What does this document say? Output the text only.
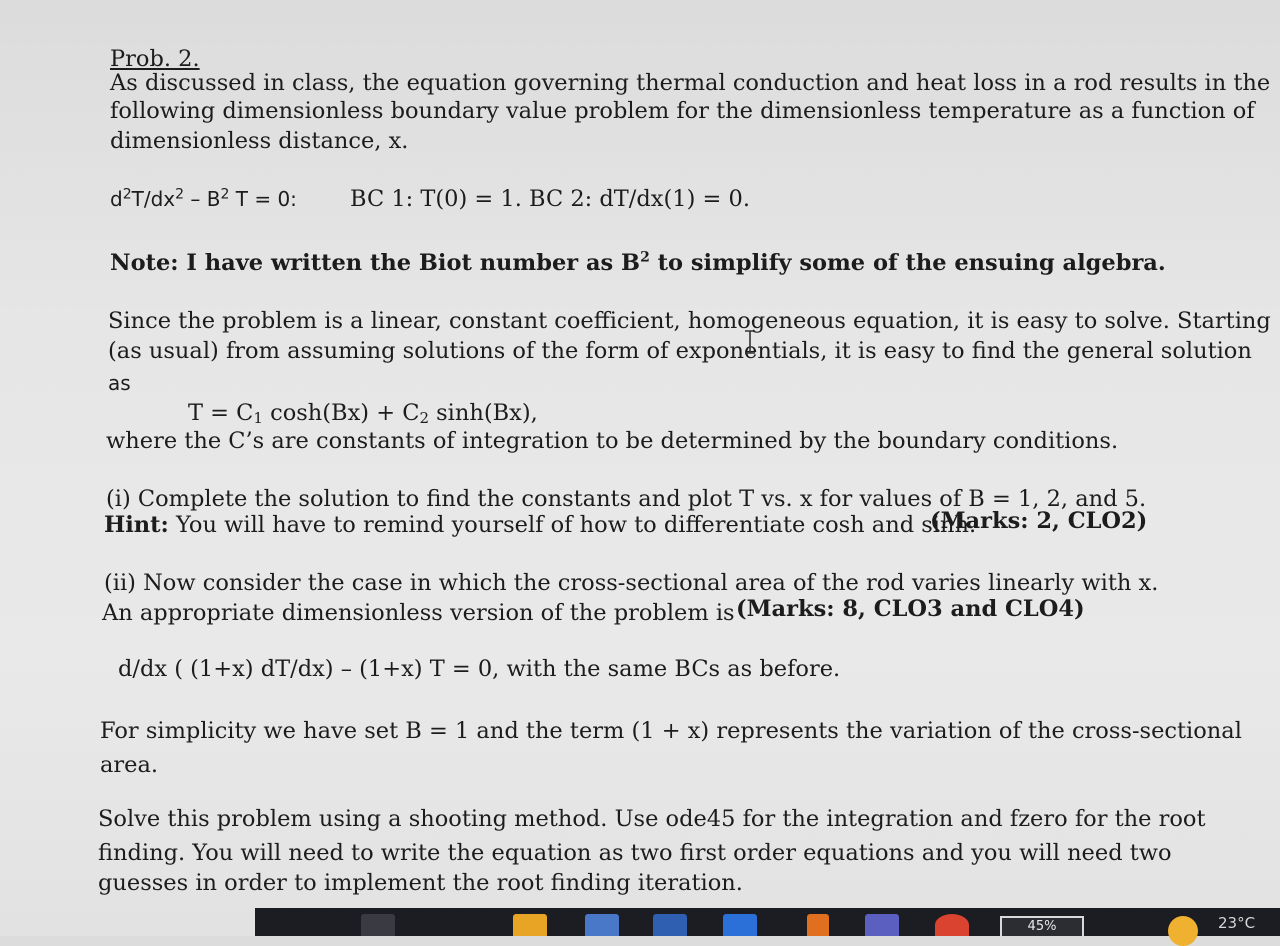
Prob. 2.
As discussed in class, the equation governing thermal conduction and heat loss in a rod results in the
following dimensionless boundary value problem for the dimensionless temperature as a function of
dimensionless distance, x.
$d^2T/dx^2 - B^2$ T = 0: BC 1: T(0) = 1. BC 2: dT/dx(1) = 0.
Note: I have written the Biot number as $B^2$ to simplify some of the ensuing algebra.
Since the problem is a linear, constant coefficient, homogeneous equation, it is easy to solve. Starting
(as usual) from assuming solutions of the form of exponentials, it is easy to find the general solution
as
$T = C_1$ $\cosh(Bx) + C_2$ sinh(Bx),
where the C’s are constants of integration to be determined by the boundary conditions.
(i) Complete the solution to find the constants and plot T vs. x for values of B = 1, 2, and 5.
Hint: You will have to remind yourself of how to differentiate cosh and sinh.
(Marks: 2, CLO2)
(ii) Now consider the case in which the cross-sectional area of the rod varies linearly with x.
An appropriate dimensionless version of the problem is (Marks: 8, CLO3 and CLO4)
d/dx ( (1+x) dT/dx) – (1+x) T = 0, with the same BCs as before.
For simplicity we have set B = 1 and the term (1 + x) represents the variation of the cross-sectional
area.
Solve this problem using a shooting method. Use ode45 for the integration and fzero for the root
finding. You will need to write the equation as two first order equations and you will need two
guesses in order to implement the root finding iteration.
45%	23°C
